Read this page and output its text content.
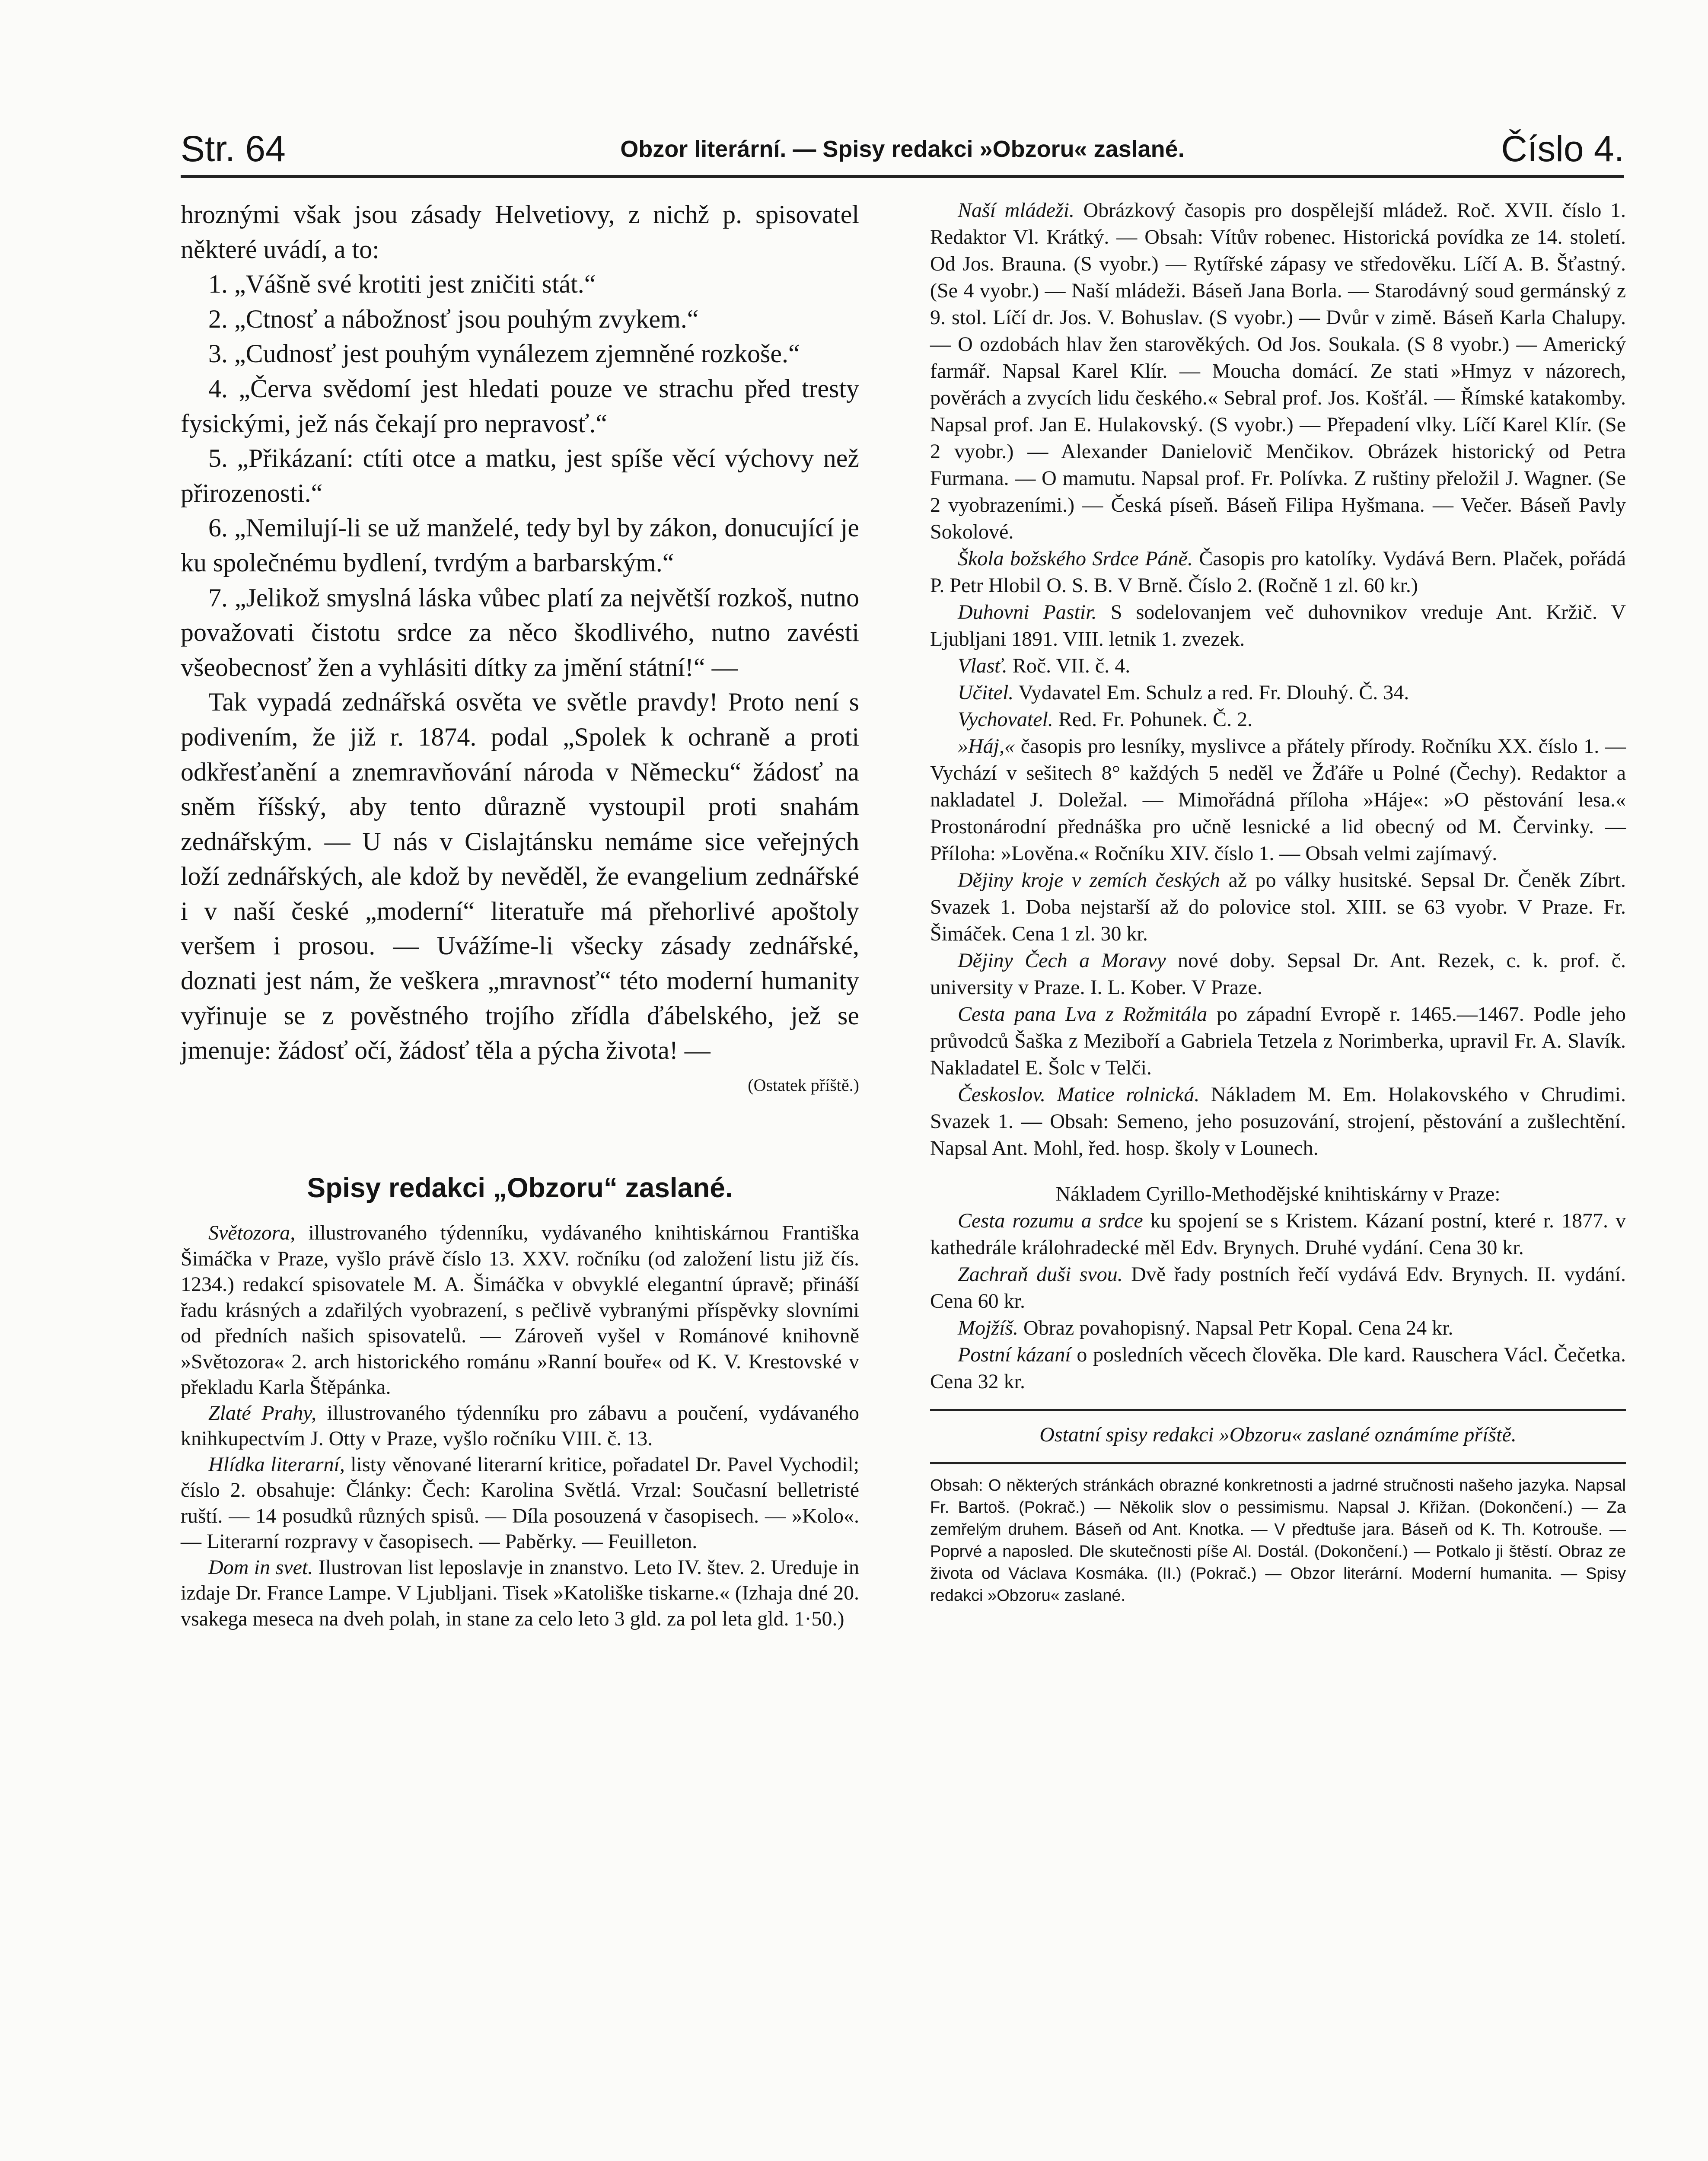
Str. 64	Obzor literární. — Spisy redakci »Obzoru« zaslané.	Číslo 4.

hroznými však jsou zásady Helvetiovy, z nichž p. spisovatel některé uvádí, a to:

1. „Vášně své krotiti jest zničiti stát.“

2. „Ctnosť a nábožnosť jsou pouhým zvykem.“

3. „Cudnosť jest pouhým vynálezem zjemněné rozkoše.“

4. „Červa svědomí jest hledati pouze ve strachu před tresty fysickými, jež nás čekají pro nepravosť.“

5. „Přikázaní: ctíti otce a matku, jest spíše věcí výchovy než přirozenosti.“

6. „Nemilují-li se už manželé, tedy byl by zákon, donucující je ku společnému bydlení, tvrdým a barbarským.“

7. „Jelikož smyslná láska vůbec platí za největší rozkoš, nutno považovati čistotu srdce za něco škodlivého, nutno zavésti všeobecnosť žen a vyhlásiti dítky za jmění státní!“ —

Tak vypadá zednářská osvěta ve světle pravdy! Proto není s podivením, že již r. 1874. podal „Spolek k ochraně a proti odkřesťanění a znemravňování národa v Německu“ žádosť na sněm říšský, aby tento důrazně vystoupil proti snahám zednářským. — U nás v Cislajtánsku nemáme sice veřejných loží zednářských, ale kdož by nevěděl, že evangelium zednářské i v naší české „moderní“ literatuře má přehorlivé apoštoly veršem i prosou. — Uvážíme-li všecky zásady zednářské, doznati jest nám, že veškera „mravnosť“ této moderní humanity vyřinuje se z pověstného trojího zřídla ďábelského, jež se jmenuje: žádosť očí, žádosť těla a pýcha života! —

(Ostatek příště.)
Spisy redakci „Obzoru“ zaslané.

Světozora, illustrovaného týdenníku, vydávaného knihtiskárnou Františka Šimáčka v Praze, vyšlo právě číslo 13. XXV. ročníku (od založení listu již čís. 1234.) redakcí spisovatele M. A. Šimáčka v obvyklé elegantní úpravě; přináší řadu krásných a zdařilých vyobrazení, s pečlivě vybranými příspěvky slovními od předních našich spisovatelů. — Zároveň vyšel v Románové knihovně »Světozora« 2. arch historického románu »Ranní bouře« od K. V. Krestovské v překladu Karla Štěpánka.

Zlaté Prahy, illustrovaného týdenníku pro zábavu a poučení, vydávaného knihkupectvím J. Otty v Praze, vyšlo ročníku VIII. č. 13.

Hlídka literarní, listy věnované literarní kritice, pořadatel Dr. Pavel Vychodil; číslo 2. obsahuje: Články: Čech: Karolina Světlá. Vrzal: Současní belletristé ruští. — 14 posudků různých spisů. — Díla posouzená v časopisech. — »Kolo«. — Literarní rozpravy v časopisech. — Paběrky. — Feuilleton.

Dom in svet. Ilustrovan list leposlavje in znanstvo. Leto IV. štev. 2. Ureduje in izdaje Dr. France Lampe. V Ljubljani. Tisek »Katoliške tiskarne.« (Izhaja dné 20. vsakega meseca na dveh polah, in stane za celo leto 3 gld. za pol leta gld. 1·50.)

Naší mládeži. Obrázkový časopis pro dospělejší mládež. Roč. XVII. číslo 1. Redaktor Vl. Krátký. — Obsah: Vítův robenec. Historická povídka ze 14. století. Od Jos. Brauna. (S vyobr.) — Rytířské zápasy ve středověku. Líčí A. B. Šťastný. (Se 4 vyobr.) — Naší mládeži. Báseň Jana Borla. — Starodávný soud germánský z 9. stol. Líčí dr. Jos. V. Bohuslav. (S vyobr.) — Dvůr v zimě. Báseň Karla Chalupy. — O ozdobách hlav žen starověkých. Od Jos. Soukala. (S 8 vyobr.) — Americký farmář. Napsal Karel Klír. — Moucha domácí. Ze stati »Hmyz v názorech, pověrách a zvycích lidu českého.« Sebral prof. Jos. Košťál. — Římské katakomby. Napsal prof. Jan E. Hulakovský. (S vyobr.) — Přepadení vlky. Líčí Karel Klír. (Se 2 vyobr.) — Alexander Danielovič Menčikov. Obrázek historický od Petra Furmana. — O mamutu. Napsal prof. Fr. Polívka. Z ruštiny přeložil J. Wagner. (Se 2 vyobrazeními.) — Česká píseň. Báseň Filipa Hyšmana. — Večer. Báseň Pavly Sokolové.

Škola božského Srdce Páně. Časopis pro katolíky. Vydává Bern. Plaček, pořádá P. Petr Hlobil O. S. B. V Brně. Číslo 2. (Ročně 1 zl. 60 kr.)

Duhovni Pastir. S sodelovanjem več duhovnikov vreduje Ant. Kržič. V Ljubljani 1891. VIII. letnik 1. zvezek.

Vlasť. Roč. VII. č. 4.

Učitel. Vydavatel Em. Schulz a red. Fr. Dlouhý. Č. 34.

Vychovatel. Red. Fr. Pohunek. Č. 2.

»Háj,« časopis pro lesníky, myslivce a přátely přírody. Ročníku XX. číslo 1. — Vychází v sešitech 8° každých 5 neděl ve Žďáře u Polné (Čechy). Redaktor a nakladatel J. Doležal. — Mimořádná příloha »Háje«: »O pěstování lesa.« Prostonárodní přednáška pro učně lesnické a lid obecný od M. Červinky. — Příloha: »Lověna.« Ročníku XIV. číslo 1. — Obsah velmi zajímavý.

Dějiny kroje v zemích českých až po války husitské. Sepsal Dr. Čeněk Zíbrt. Svazek 1. Doba nejstarší až do polovice stol. XIII. se 63 vyobr. V Praze. Fr. Šimáček. Cena 1 zl. 30 kr.

Dějiny Čech a Moravy nové doby. Sepsal Dr. Ant. Rezek, c. k. prof. č. university v Praze. I. L. Kober. V Praze.

Cesta pana Lva z Rožmitála po západní Evropě r. 1465.—1467. Podle jeho průvodců Šaška z Meziboří a Gabriela Tetzela z Norimberka, upravil Fr. A. Slavík. Nakladatel E. Šolc v Telči.

Českoslov. Matice rolnická. Nákladem M. Em. Holakovského v Chrudimi. Svazek 1. — Obsah: Semeno, jeho posuzování, strojení, pěstování a zušlechtění. Napsal Ant. Mohl, řed. hosp. školy v Lounech.

Nákladem Cyrillo-Methodějské knihtiskárny v Praze:

Cesta rozumu a srdce ku spojení se s Kristem. Kázaní postní, které r. 1877. v kathedrále králohradecké měl Edv. Brynych. Druhé vydání. Cena 30 kr.

Zachraň duši svou. Dvě řady postních řečí vydává Edv. Brynych. II. vydání. Cena 60 kr.

Mojžíš. Obraz povahopisný. Napsal Petr Kopal. Cena 24 kr.

Postní kázaní o posledních věcech člověka. Dle kard. Rauschera Václ. Čečetka. Cena 32 kr.

Ostatní spisy redakci »Obzoru« zaslané oznámíme příště.
Obsah: O některých stránkách obrazné konkretnosti a jadrné stručnosti našeho jazyka. Napsal Fr. Bartoš. (Pokrač.) — Několik slov o pessimismu. Napsal J. Křižan. (Dokončení.) — Za zemřelým druhem. Báseň od Ant. Knotka. — V předtuše jara. Báseň od K. Th. Kotrouše. — Poprvé a naposled. Dle skutečnosti píše Al. Dostál. (Dokončení.) — Potkalo ji štěstí. Obraz ze života od Václava Kosmáka. (II.) (Pokrač.) — Obzor literární. Moderní humanita. — Spisy redakci »Obzoru« zaslané.
